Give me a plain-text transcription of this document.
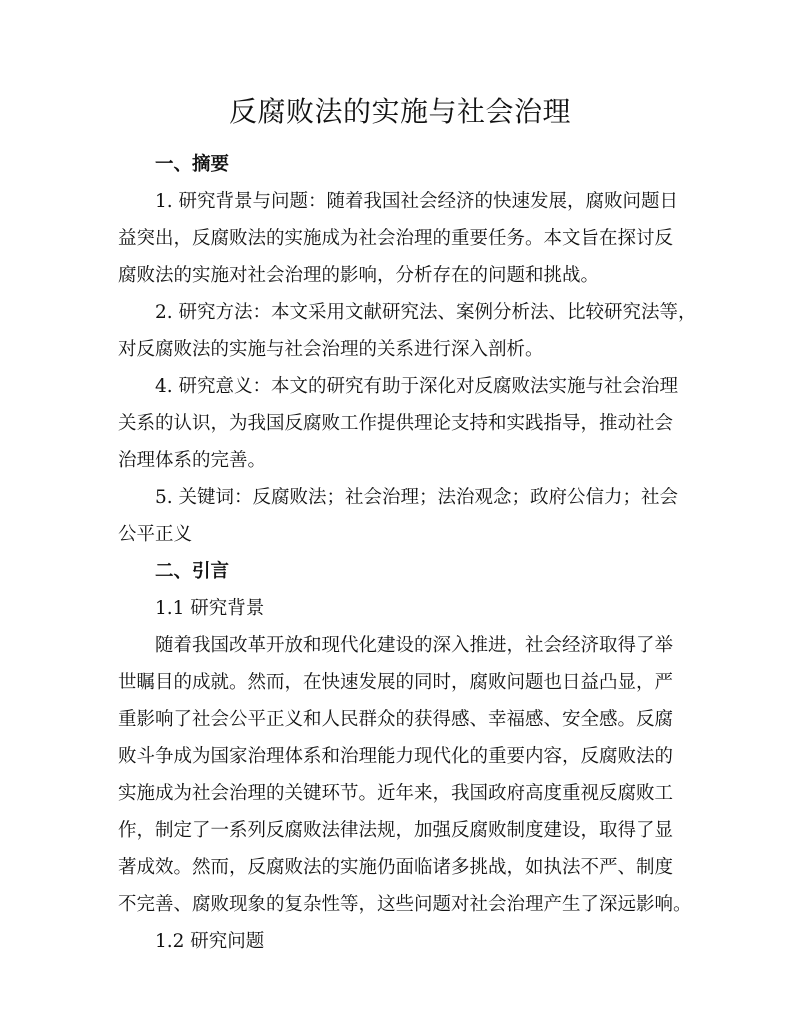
反腐败法的实施与社会治理
一、摘要
1. 研究背景与问题：随着我国社会经济的快速发展，腐败问题日
益突出，反腐败法的实施成为社会治理的重要任务。本文旨在探讨反
腐败法的实施对社会治理的影响，分析存在的问题和挑战。
2. 研究方法：本文采用文献研究法、案例分析法、比较研究法等，
对反腐败法的实施与社会治理的关系进行深入剖析。
4. 研究意义：本文的研究有助于深化对反腐败法实施与社会治理
关系的认识，为我国反腐败工作提供理论支持和实践指导，推动社会
治理体系的完善。
5. 关键词：反腐败法；社会治理；法治观念；政府公信力；社会
公平正义
二、引言
1.1 研究背景
随着我国改革开放和现代化建设的深入推进，社会经济取得了举
世瞩目的成就。然而，在快速发展的同时，腐败问题也日益凸显，严
重影响了社会公平正义和人民群众的获得感、幸福感、安全感。反腐
败斗争成为国家治理体系和治理能力现代化的重要内容，反腐败法的
实施成为社会治理的关键环节。近年来，我国政府高度重视反腐败工
作，制定了一系列反腐败法律法规，加强反腐败制度建设，取得了显
著成效。然而，反腐败法的实施仍面临诸多挑战，如执法不严、制度
不完善、腐败现象的复杂性等，这些问题对社会治理产生了深远影响。
1.2 研究问题
